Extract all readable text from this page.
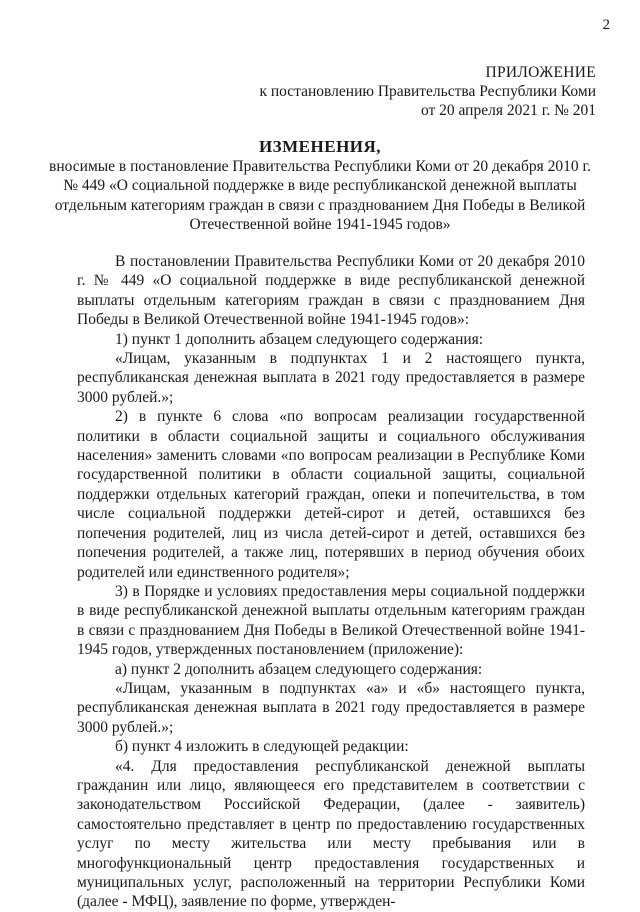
2
ПРИЛОЖЕНИЕ
к постановлению Правительства Республики Коми
от 20 апреля 2021 г. № 201
ИЗМЕНЕНИЯ,
вносимые в постановление Правительства Республики Коми от 20 декабря 2010 г. № 449 «О социальной поддержке в виде республиканской денежной выплаты отдельным категориям граждан в связи с празднованием Дня Победы в Великой Отечественной войне 1941-1945 годов»

В постановлении Правительства Республики Коми от 20 декабря 2010 г. № 449 «О социальной поддержке в виде республиканской денежной выплаты отдельным категориям граждан в связи с празднованием Дня Победы в Великой Отечественной войне 1941-1945 годов»:

1) пункт 1 дополнить абзацем следующего содержания:

«Лицам, указанным в подпунктах 1 и 2 настоящего пункта, республиканская денежная выплата в 2021 году предоставляется в размере 3000 рублей.»;

2) в пункте 6 слова «по вопросам реализации государственной политики в области социальной защиты и социального обслуживания населения» заменить словами «по вопросам реализации в Республике Коми государственной политики в области социальной защиты, социальной поддержки отдельных категорий граждан, опеки и попечительства, в том числе социальной поддержки детей-сирот и детей, оставшихся без попечения родителей, лиц из числа детей-сирот и детей, оставшихся без попечения родителей, а также лиц, потерявших в период обучения обоих родителей или единственного родителя»;

3) в Порядке и условиях предоставления меры социальной поддержки в виде республиканской денежной выплаты отдельным категориям граждан в связи с празднованием Дня Победы в Великой Отечественной войне 1941-1945 годов, утвержденных постановлением (приложение):

а) пункт 2 дополнить абзацем следующего содержания:

«Лицам, указанным в подпунктах «а» и «б» настоящего пункта, республиканская денежная выплата в 2021 году предоставляется в размере 3000 рублей.»;

б) пункт 4 изложить в следующей редакции:

«4. Для предоставления республиканской денежной выплаты гражданин или лицо, являющееся его представителем в соответствии с законодательством Российской Федерации, (далее - заявитель) самостоятельно представляет в центр по предоставлению государственных услуг по месту жительства или месту пребывания или в многофункциональный центр предоставления государственных и муниципальных услуг, расположенный на территории Республики Коми (далее - МФЦ), заявление по форме, утвержден-
